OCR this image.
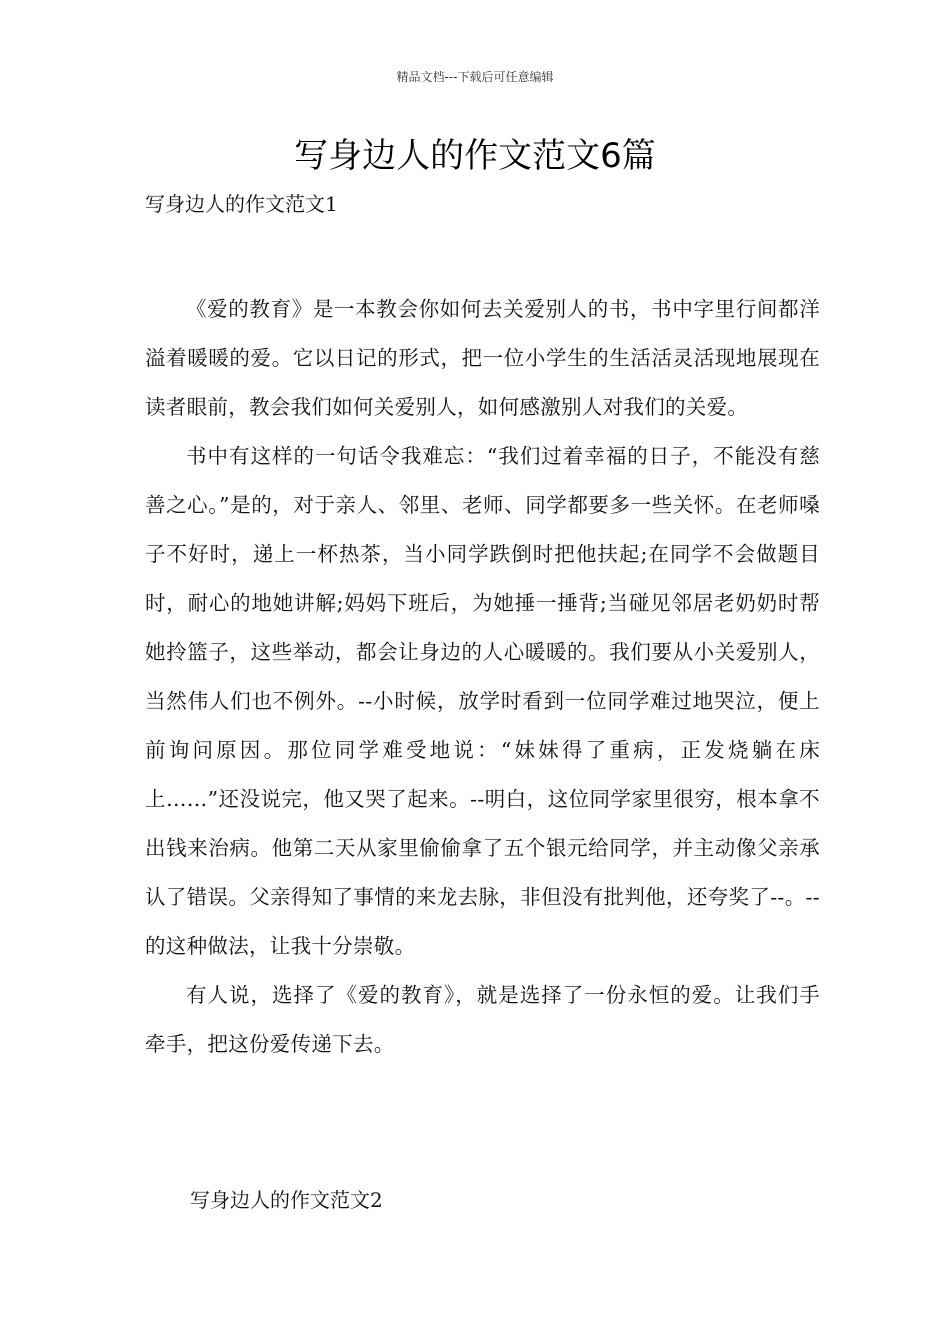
精品文档---下载后可任意编辑
写身边人的作文范文6篇
写身边人的作文范文1

《爱的教育》是一本教会你如何去关爱别人的书，书中字里行间都洋溢着暖暖的爱。它以日记的形式，把一位小学生的生活活灵活现地展现在读者眼前，教会我们如何关爱别人，如何感激别人对我们的关爱。

书中有这样的一句话令我难忘：“我们过着幸福的日子，不能没有慈善之心。”是的，对于亲人、邻里、老师、同学都要多一些关怀。在老师嗓子不好时，递上一杯热茶，当小同学跌倒时把他扶起;在同学不会做题目时，耐心的地她讲解;妈妈下班后，为她捶一捶背;当碰见邻居老奶奶时帮她拎篮子，这些举动，都会让身边的人心暖暖的。我们要从小关爱别人，当然伟人们也不例外。--小时候，放学时看到一位同学难过地哭泣，便上前询问原因。那位同学难受地说：“妹妹得了重病，正发烧躺在床上……”还没说完，他又哭了起来。--明白，这位同学家里很穷，根本拿不出钱来治病。他第二天从家里偷偷拿了五个银元给同学，并主动像父亲承认了错误。父亲得知了事情的来龙去脉，非但没有批判他，还夸奖了--。--的这种做法，让我十分崇敬。

有人说，选择了《爱的教育》，就是选择了一份永恒的爱。让我们手牵手，把这份爱传递下去。

写身边人的作文范文2
